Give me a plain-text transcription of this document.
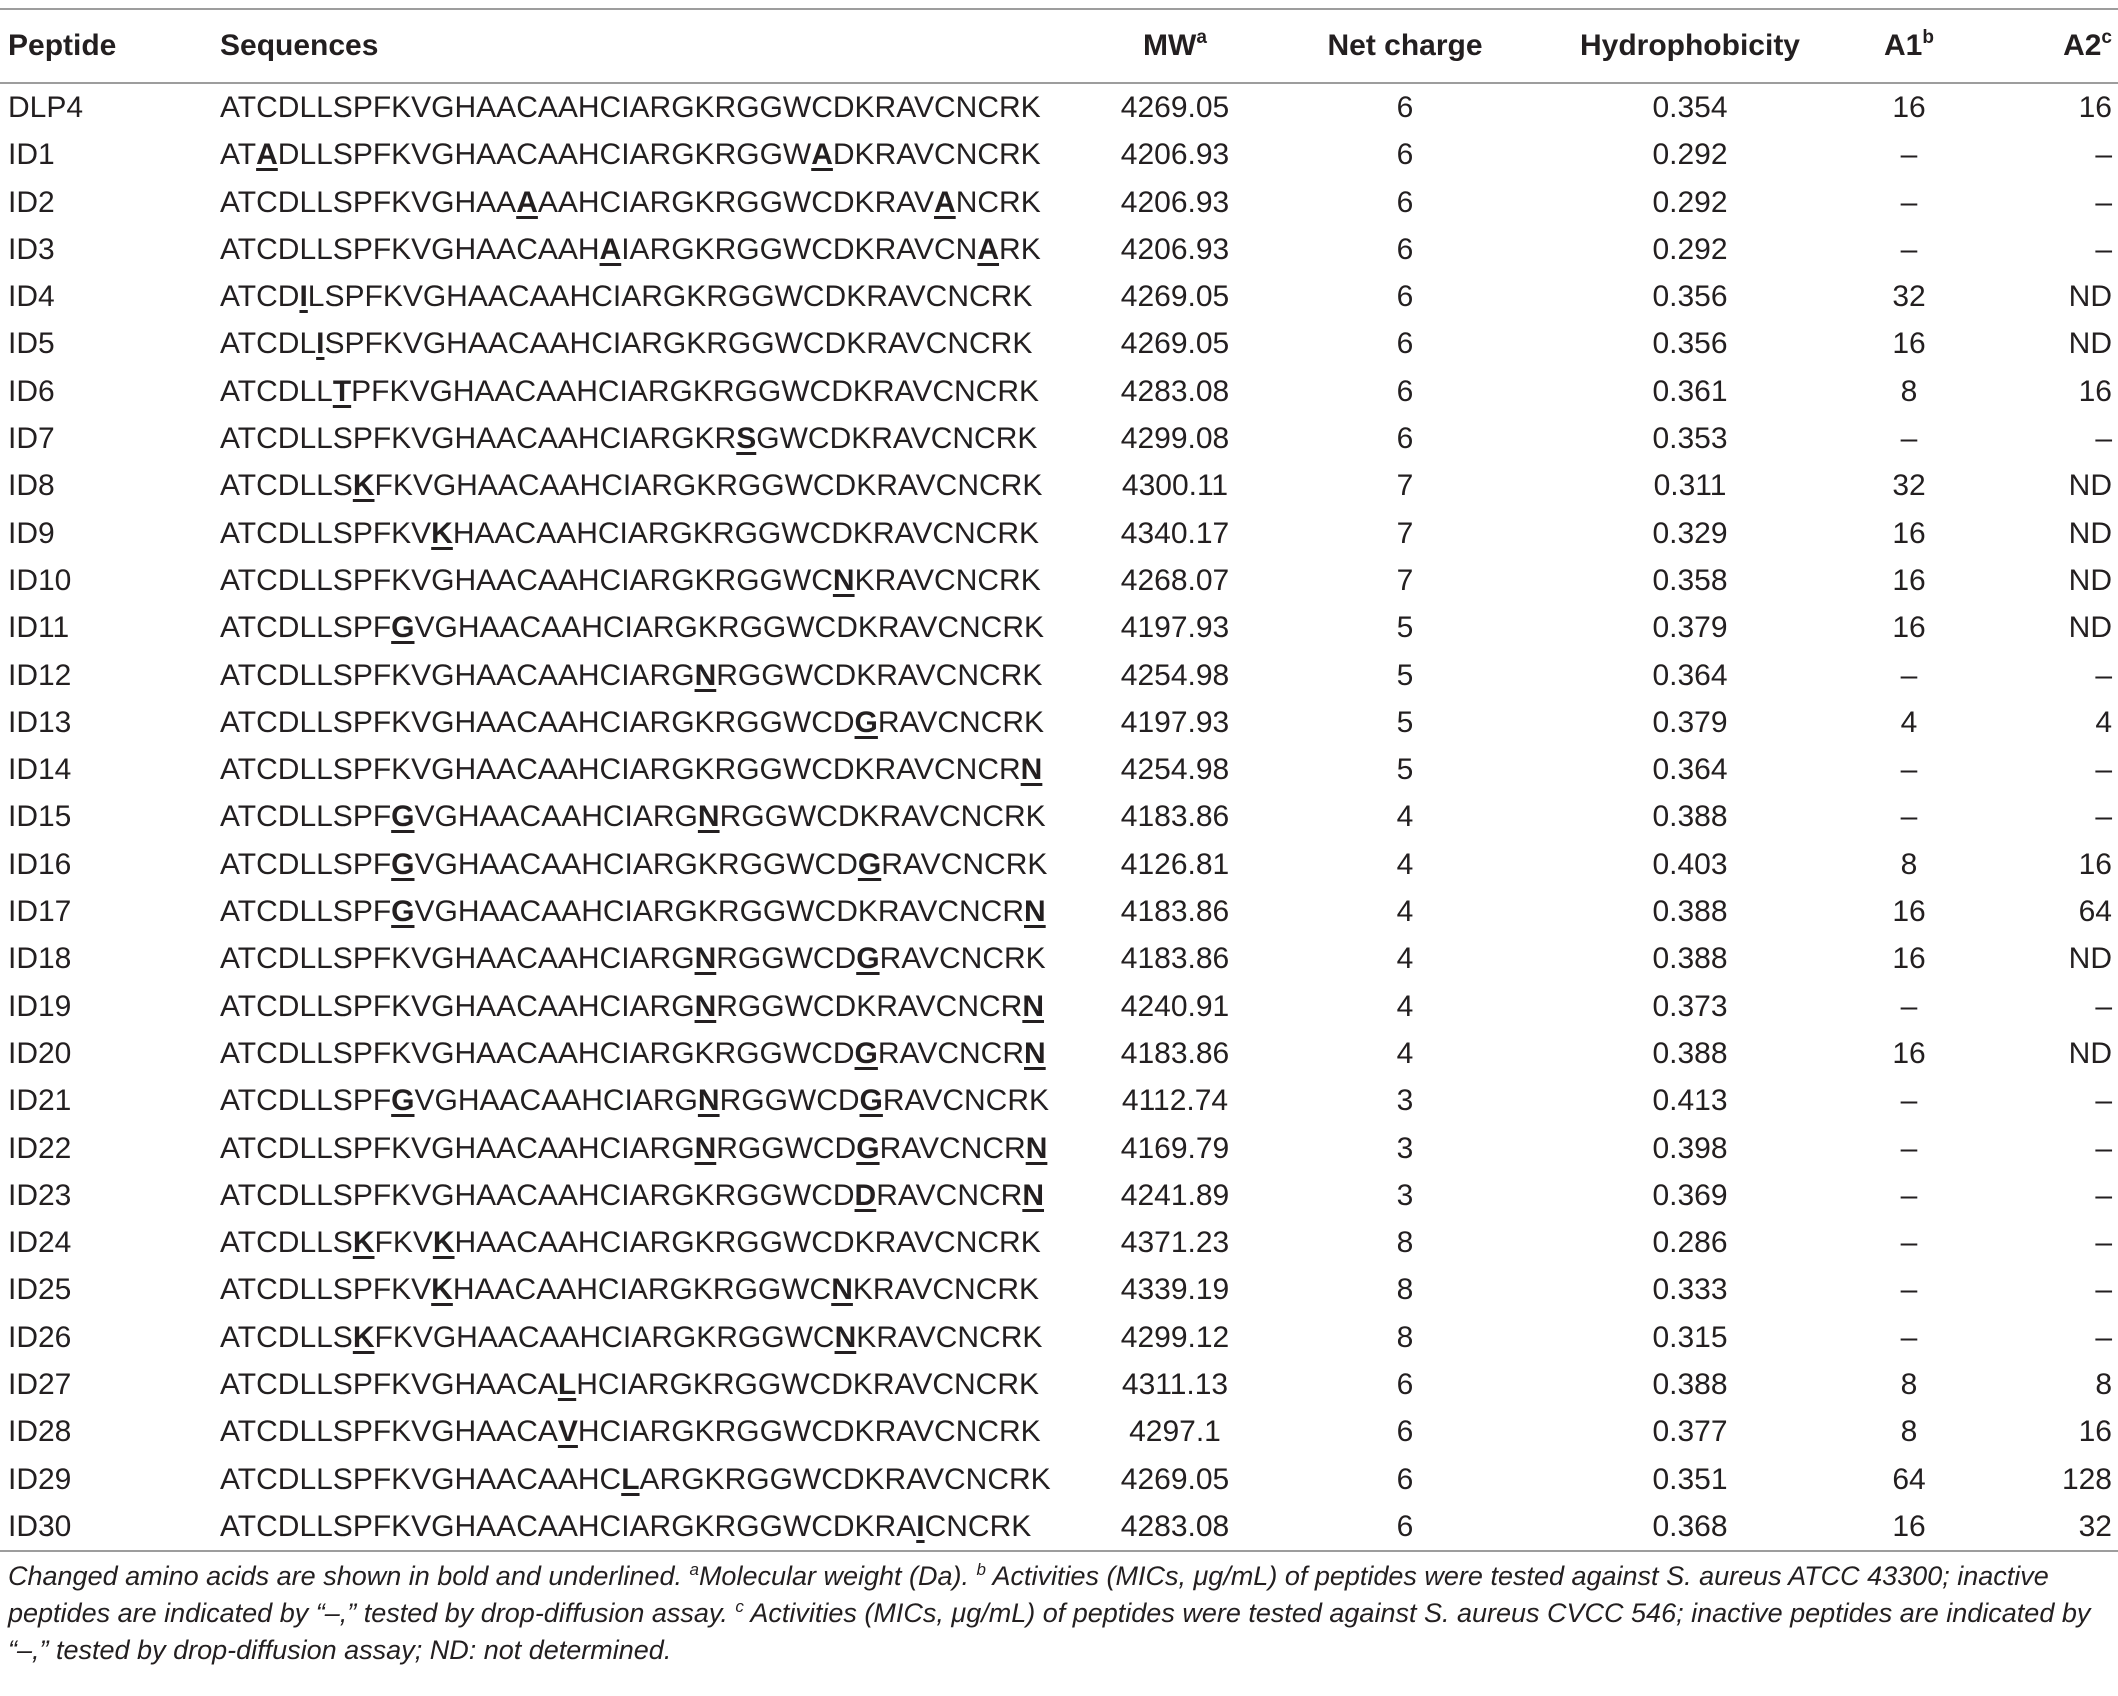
Peptide	Sequences	$MW^a$	Net charge	Hydrophobicity	A1$^b$	A2$^c$
DLP4	ATCDLLSPFKVGHAACAAHCIARGKRGGWCDKRAVCNCRK	4269.05	6	0.354	16	16
ID1	ATADLLSPFKVGHAACAAHCIARGKRGGWADKRAVCNCRK	4206.93	6	0.292	–	–
ID2	ATCDLLSPFKVGHAAAAAHCIARGKRGGWCDKRAVANCRK	4206.93	6	0.292	–	–
ID3	ATCDLLSPFKVGHAACAAHAIARGKRGGWCDKRAVCNARK	4206.93	6	0.292	–	–
ID4	ATCDILSPFKVGHAACAAHCIARGKRGGWCDKRAVCNCRK	4269.05	6	0.356	32	ND
ID5	ATCDLISPFKVGHAACAAHCIARGKRGGWCDKRAVCNCRK	4269.05	6	0.356	16	ND
ID6	ATCDLLTPFKVGHAACAAHCIARGKRGGWCDKRAVCNCRK	4283.08	6	0.361	8	16
ID7	ATCDLLSPFKVGHAACAAHCIARGKRSGWCDKRAVCNCRK	4299.08	6	0.353	–	–
ID8	ATCDLLSKFKVGHAACAAHCIARGKRGGWCDKRAVCNCRK	4300.11	7	0.311	32	ND
ID9	ATCDLLSPFKVKHAACAAHCIARGKRGGWCDKRAVCNCRK	4340.17	7	0.329	16	ND
ID10	ATCDLLSPFKVGHAACAAHCIARGKRGGWCNKRAVCNCRK	4268.07	7	0.358	16	ND
ID11	ATCDLLSPFGVGHAACAAHCIARGKRGGWCDKRAVCNCRK	4197.93	5	0.379	16	ND
ID12	ATCDLLSPFKVGHAACAAHCIARGNRGGWCDKRAVCNCRK	4254.98	5	0.364	–	–
ID13	ATCDLLSPFKVGHAACAAHCIARGKRGGWCDGRAVCNCRK	4197.93	5	0.379	4	4
ID14	ATCDLLSPFKVGHAACAAHCIARGKRGGWCDKRAVCNCRN	4254.98	5	0.364	–	–
ID15	ATCDLLSPFGVGHAACAAHCIARGNRGGWCDKRAVCNCRK	4183.86	4	0.388	–	–
ID16	ATCDLLSPFGVGHAACAAHCIARGKRGGWCDGRAVCNCRK	4126.81	4	0.403	8	16
ID17	ATCDLLSPFGVGHAACAAHCIARGKRGGWCDKRAVCNCRN	4183.86	4	0.388	16	64
ID18	ATCDLLSPFKVGHAACAAHCIARGNRGGWCDGRAVCNCRK	4183.86	4	0.388	16	ND
ID19	ATCDLLSPFKVGHAACAAHCIARGNRGGWCDKRAVCNCRN	4240.91	4	0.373	–	–
ID20	ATCDLLSPFKVGHAACAAHCIARGKRGGWCDGRAVCNCRN	4183.86	4	0.388	16	ND
ID21	ATCDLLSPFGVGHAACAAHCIARGNRGGWCDGRAVCNCRK	4112.74	3	0.413	–	–
ID22	ATCDLLSPFKVGHAACAAHCIARGNRGGWCDGRAVCNCRN	4169.79	3	0.398	–	–
ID23	ATCDLLSPFKVGHAACAAHCIARGKRGGWCDDRAVCNCRN	4241.89	3	0.369	–	–
ID24	ATCDLLSKFKVKHAACAAHCIARGKRGGWCDKRAVCNCRK	4371.23	8	0.286	–	–
ID25	ATCDLLSPFKVKHAACAAHCIARGKRGGWCNKRAVCNCRK	4339.19	8	0.333	–	–
ID26	ATCDLLSKFKVGHAACAAHCIARGKRGGWCNKRAVCNCRK	4299.12	8	0.315	–	–
ID27	ATCDLLSPFKVGHAACALHCIARGKRGGWCDKRAVCNCRK	4311.13	6	0.388	8	8
ID28	ATCDLLSPFKVGHAACAVHCIARGKRGGWCDKRAVCNCRK	4297.1	6	0.377	8	16
ID29	ATCDLLSPFKVGHAACAAHCLARGKRGGWCDKRAVCNCRK	4269.05	6	0.351	64	128
ID30	ATCDLLSPFKVGHAACAAHCIARGKRGGWCDKRAICNCRK	4283.08	6	0.368	16	32
Changed amino acids are shown in bold and underlined. $^a$Molecular weight (Da). $^b$ Activities (MICs, μg/mL) of peptides were tested against S. aureus ATCC 43300; inactive peptides are indicated by “–,” tested by drop-diffusion assay. $^c$ Activities (MICs, μg/mL) of peptides were tested against S. aureus CVCC 546; inactive peptides are indicated by “–,” tested by drop-diffusion assay; ND: not determined.
